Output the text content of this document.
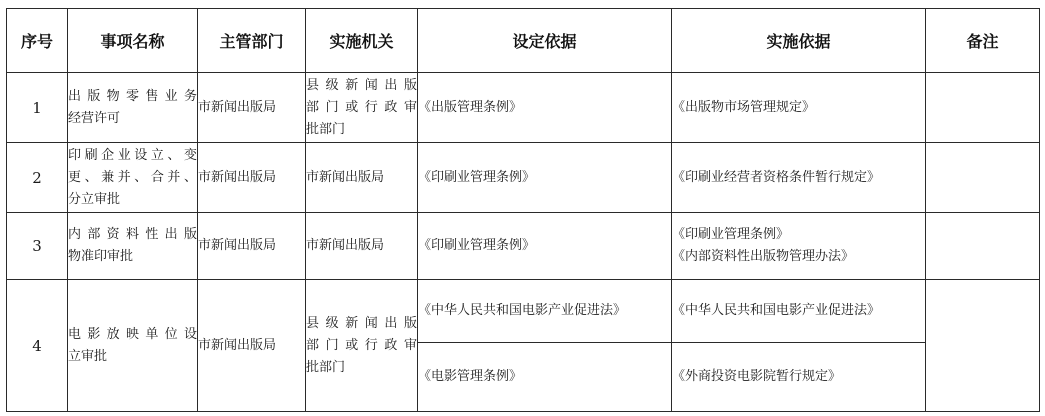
序号	事项名称	主管部门	实施机关	设定依据	实施依据	备注
1	出版物零售业务
经营许可	市新闻出版局	县级新闻出版
部门或行政审
批部门	《出版管理条例》	《出版物市场管理规定》	

2	印刷企业设立、变
更、兼并、合并、
分立审批	市新闻出版局	市新闻出版局	《印刷业管理条例》	《印刷业经营者资格条件暂行规定》	

3	内部资料性出版
物准印审批	市新闻出版局	市新闻出版局	《印刷业管理条例》	《印刷业管理条例》
《内部资料性出版物管理办法》	

4	电影放映单位设
立审批	市新闻出版局	县级新闻出版
部门或行政审
批部门	《中华人民共和国电影产业促进法》	《中华人民共和国电影产业促进法》	
				《电影管理条例》	《外商投资电影院暂行规定》	
